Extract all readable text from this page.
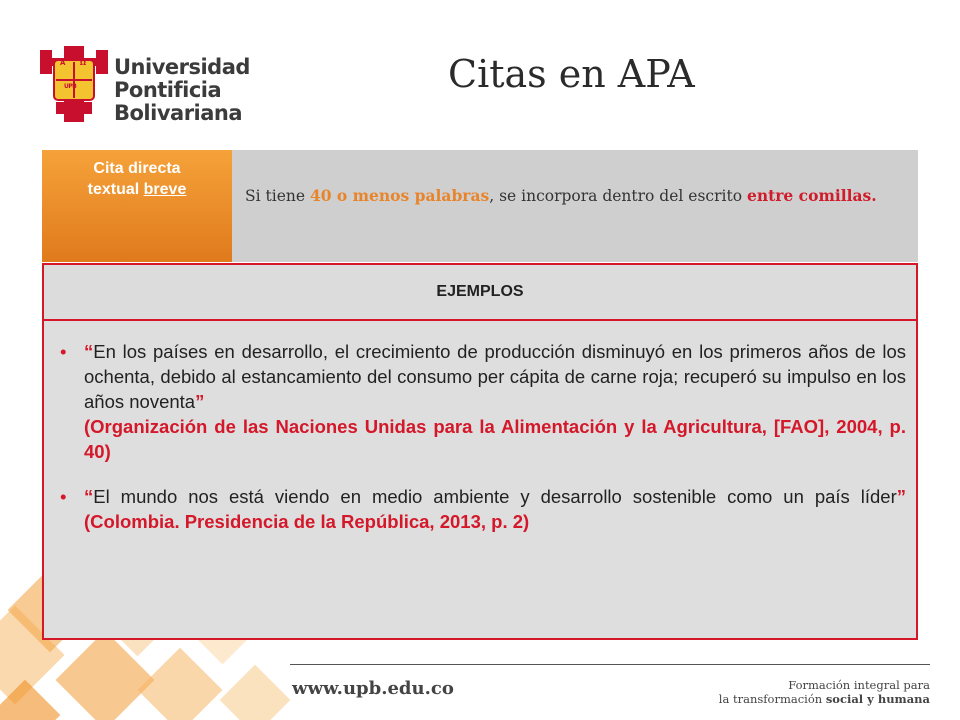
A Ω
UPB
Universidad
Pontificia
Bolivariana
Citas en APA
Cita directa
textual breve	Si tiene 40 o menos palabras, se incorpora dentro del escrito entre comillas.
EJEMPLOS
• “En los países en desarrollo, el crecimiento de producción disminuyó en los primeros años de los ochenta, debido al estancamiento del consumo per cápita de carne roja; recuperó su impulso en los años noventa”
(Organización de las Naciones Unidas para la Alimentación y la Agricultura, [FAO], 2004, p. 40)
• “El mundo nos está viendo en medio ambiente y desarrollo sostenible como un país líder” (Colombia. Presidencia de la República, 2013, p. 2)
www.upb.edu.co	Formación integral para
la transformación social y humana
